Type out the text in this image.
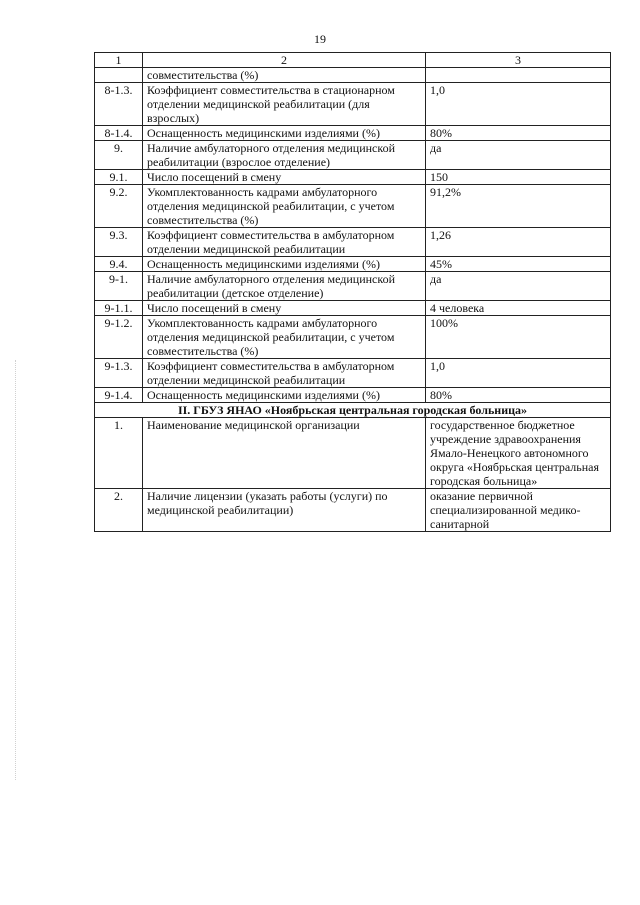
19
1	2	3
	совместительства (%)	
8-1.3.	Коэффициент совместительства в стационарном отделении медицинской реабилитации (для взрослых)	1,0
8-1.4.	Оснащенность медицинскими изделиями (%)	80%
9.	Наличие амбулаторного отделения медицинской реабилитации (взрослое отделение)	да
9.1.	Число посещений в смену	150
9.2.	Укомплектованность кадрами амбулаторного отделения медицинской реабилитации, с учетом совместительства (%)	91,2%
9.3.	Коэффициент совместительства в амбулаторном отделении медицинской реабилитации	1,26
9.4.	Оснащенность медицинскими изделиями (%)	45%
9-1.	Наличие амбулаторного отделения медицинской реабилитации (детское отделение)	да
9-1.1.	Число посещений в смену	4 человека
9-1.2.	Укомплектованность кадрами амбулаторного отделения медицинской реабилитации, с учетом совместительства (%)	100%
9-1.3.	Коэффициент совместительства в амбулаторном отделении медицинской реабилитации	1,0
9-1.4.	Оснащенность медицинскими изделиями (%)	80%
II. ГБУЗ ЯНАО «Ноябрьская центральная городская больница»		
1.	Наименование медицинской организации	государственное бюджетное учреждение здравоохранения Ямало-Ненецкого автономного округа «Ноябрьская центральная городская больница»
2.	Наличие лицензии (указать работы (услуги) по медицинской реабилитации)	оказание первичной специализированной медико-санитарной
